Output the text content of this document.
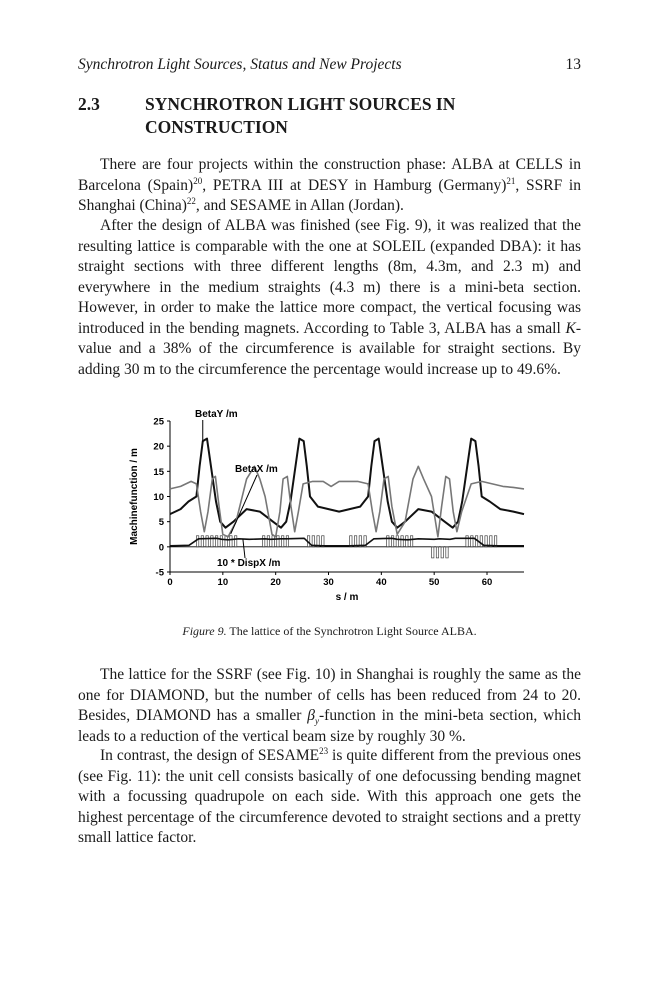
Synchrotron Light Sources, Status and New Projects	13
2.3	SYNCHROTRON LIGHT SOURCES IN
CONSTRUCTION

There are four projects within the construction phase: ALBA at CELLS in Barcelona (Spain)$^{20}$, PETRA III at DESY in Hamburg (Germany)$^{21}$, SSRF in Shanghai (China)$^{22}$, and SESAME in Allan (Jordan).

After the design of ALBA was finished (see Fig. 9), it was realized that the resulting lattice is comparable with the one at SOLEIL (expanded DBA): it has straight sections with three different lengths (8m, 4.3m, and 2.3 m) and everywhere in the medium straights (4.3 m) there is a mini-beta section. However, in order to make the lattice more compact, the vertical focusing was introduced in the bending magnets. According to Table 3, ALBA has a small K-value and a 38% of the circumference is available for straight sections. By adding 30 m to the circumference the percentage would increase up to 49.6%.

-5
0
5
10
15
20
25
0	10	20	30	40	50	60
s / m
Machinefunction / m
BetaY /m
BetaX /m
10 * DispX /m
Figure 9. The lattice of the Synchrotron Light Source ALBA.

The lattice for the SSRF (see Fig. 10) in Shanghai is roughly the same as the one for DIAMOND, but the number of cells has been reduced from 24 to 20. Besides, DIAMOND has a smaller $\beta_y$-function in the mini-beta section, which leads to a reduction of the vertical beam size by roughly 30 %.

In contrast, the design of SESAME$^{23}$ is quite different from the previous ones (see Fig. 11): the unit cell consists basically of one defocussing bending magnet with a focussing quadrupole on each side. With this approach one gets the highest percentage of the circumference devoted to straight sections and a pretty small lattice factor.
